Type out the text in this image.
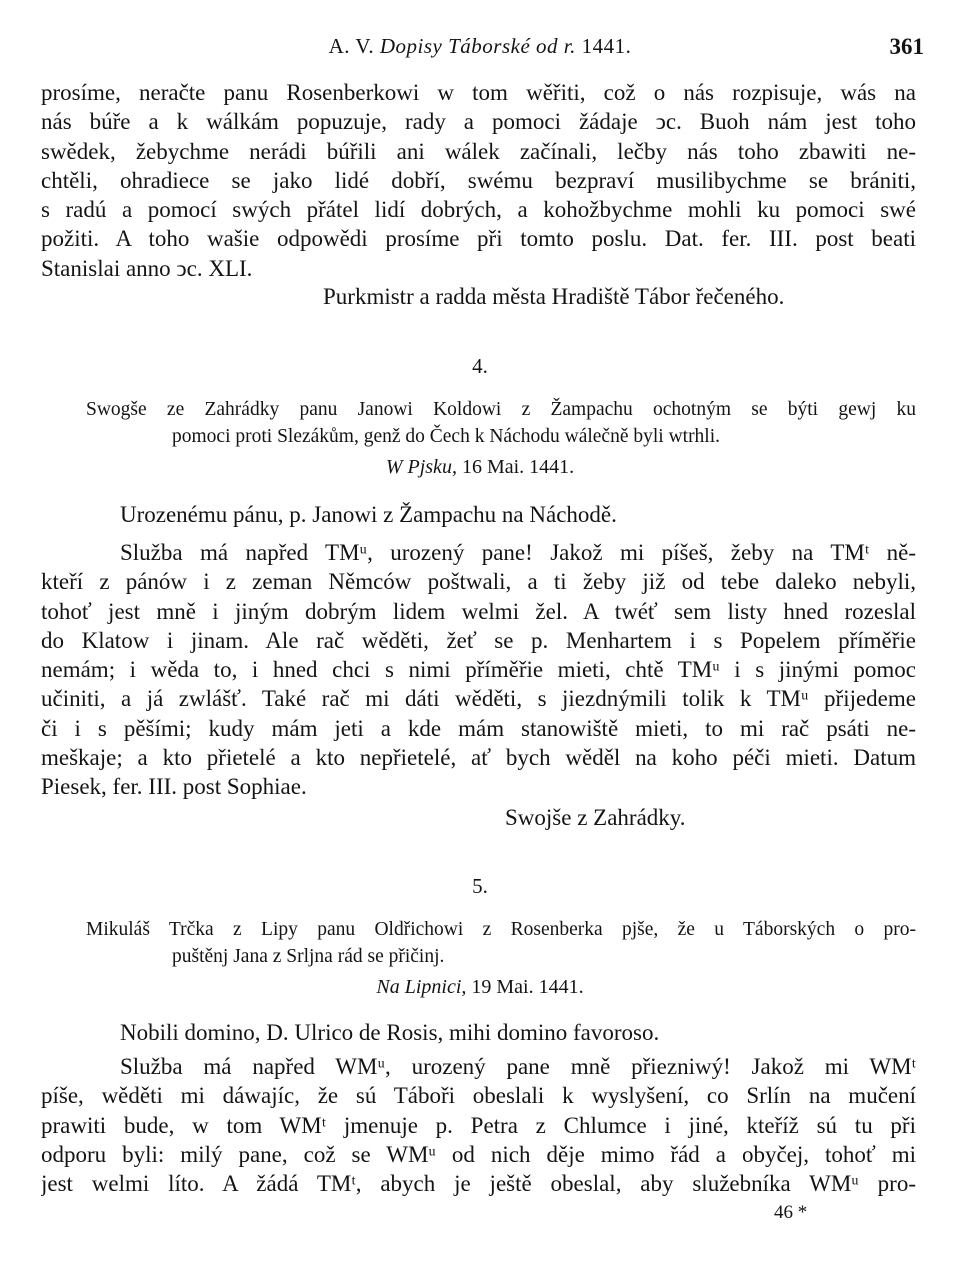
A. V. Dopisy Táborské od r. 1441.	361
prosíme, neračte panu Rosenberkowi w tom wěřiti, což o nás rozpisuje, wás na
nás búře a k wálkám popuzuje, rady a pomoci žádaje ↄc. Buoh nám jest toho
swědek, žebychme nerádi búřili ani wálek začínali, lečby nás toho zbawiti ne-
chtěli, ohradiece se jako lidé dobří, swému bezpraví musilibychme se brániti,
s radú a pomocí swých přátel lidí dobrých, a kohožbychme mohli ku pomoci swé
požiti. A toho wašie odpowědi prosíme při tomto poslu. Dat. fer. III. post beati
Stanislai anno ↄc. XLI.
Purkmistr a radda města Hradiště Tábor řečeného.
4.
Swogše ze Zahrádky panu Janowi Koldowi z Žampachu ochotným se býti gewj ku
pomoci proti Slezákům, genž do Čech k Náchodu wálečně byli wtrhli.
W Pjsku, 16 Mai. 1441.
Urozenému pánu, p. Janowi z Žampachu na Náchodě.
Služba má napřed TMᵘ, urozený pane! Jakož mi píšeš, žeby na TMᵗ ně-
kteří z pánów i z zeman Němców poštwali, a ti žeby již od tebe daleko nebyli,
tohoť jest mně i jiným dobrým lidem welmi žel. A twéť sem listy hned rozeslal
do Klatow i jinam. Ale rač wěděti, žeť se p. Menhartem i s Popelem příměřie
nemám; i wěda to, i hned chci s nimi příměřie mieti, chtě TMᵘ i s jinými pomoc
učiniti, a já zwlášť. Také rač mi dáti wěděti, s jiezdnýmili tolik k TMᵘ přijedeme
či i s pěšími; kudy mám jeti a kde mám stanowiště mieti, to mi rač psáti ne-
meškaje; a kto přietelé a kto nepřietelé, ať bych wěděl na koho péči mieti. Datum
Piesek, fer. III. post Sophiae.
Swojše z Zahrádky.
5.
Mikuláš Trčka z Lipy panu Oldřichowi z Rosenberka pjše, že u Táborských o pro-
puštěnj Jana z Srljna rád se přičinj.
Na Lipnici, 19 Mai. 1441.
Nobili domino, D. Ulrico de Rosis, mihi domino favoroso.
Služba má napřed WMᵘ, urozený pane mně přiezniwý! Jakož mi WMᵗ
píše, wěděti mi dáwajíc, že sú Táboři obeslali k wyslyšení, co Srlín na mučení
prawiti bude, w tom WMᵗ jmenuje p. Petra z Chlumce i jiné, kteříž sú tu při
odporu byli: milý pane, což se WMᵘ od nich děje mimo řád a obyčej, tohoť mi
jest welmi líto. A žádá TMᵗ, abych je ještě obeslal, aby služebníka WMᵘ pro-
46 *
